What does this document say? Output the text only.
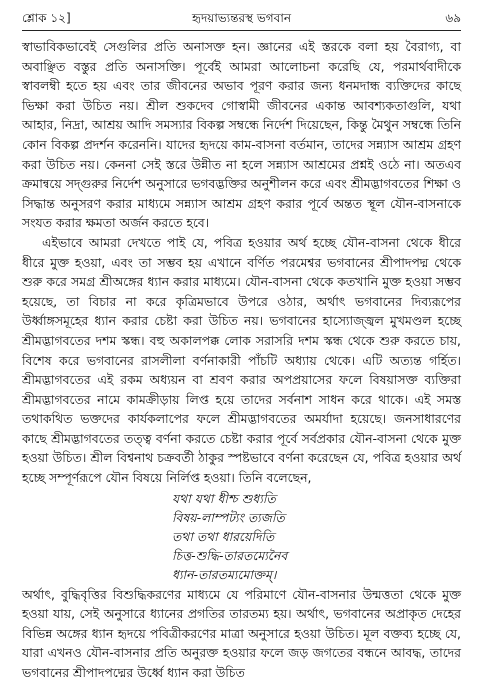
শ্লোক ১২]	হৃদয়াভ্যন্তরস্থ ভগবান	৬৯

স্বাভাবিকভাবেই সেগুলির প্রতি অনাসক্ত হন। জ্ঞানের এই স্তরকে বলা হয় বৈরাগ্য, বা অবাঞ্ছিত বস্তুর প্রতি অনাসক্তি। পূর্বেই আমরা আলোচনা করেছি যে, পরমার্থবাদীকে স্বাবলম্বী হতে হয় এবং তার জীবনের অভাব পূরণ করার জন্য ধনমদান্ধ ব্যক্তিদের কাছে ভিক্ষা করা উচিত নয়। শ্রীল শুকদেব গোস্বামী জীবনের একান্ত আবশ্যকতাগুলি, যথা আহার, নিদ্রা, আশ্রয় আদি সমস্যার বিকল্প সম্বন্ধে নির্দেশ দিয়েছেন, কিন্তু মৈথুন সম্বন্ধে তিনি কোন বিকল্প প্রদর্শন করেননি। যাদের হৃদয়ে কাম-বাসনা বর্তমান, তাদের সন্ন্যাস আশ্রম গ্রহণ করা উচিত নয়। কেননা সেই স্তরে উন্নীত না হলে সন্ন্যাস আশ্রমের প্রশ্নই ওঠে না। অতএব ক্রমান্বয়ে সদ্গুরুর নির্দেশ অনুসারে ভগবদ্ভক্তির অনুশীলন করে এবং শ্রীমদ্ভাগবতের শিক্ষা ও সিদ্ধান্ত অনুসরণ করার মাধ্যমে সন্ন্যাস আশ্রম গ্রহণ করার পূর্বে অন্তত স্থূল যৌন-বাসনাকে সংযত করার ক্ষমতা অর্জন করতে হবে।

এইভাবে আমরা দেখতে পাই যে, পবিত্র হওয়ার অর্থ হচ্ছে যৌন-বাসনা থেকে ধীরে ধীরে মুক্ত হওয়া, এবং তা সম্ভব হয় এখানে বর্ণিত পরমেশ্বর ভগবানের শ্রীপাদপদ্ম থেকে শুরু করে সমগ্র শ্রীঅঙ্গের ধ্যান করার মাধ্যমে। যৌন-বাসনা থেকে কতখানি মুক্ত হওয়া সম্ভব হয়েছে, তা বিচার না করে কৃত্রিমভাবে উপরে ওঠার, অর্থাৎ ভগবানের দিব্যরূপের উর্ধ্বাঙ্গসমূহের ধ্যান করার চেষ্টা করা উচিত নয়। ভগবানের হাস্যোজ্জ্বল মুখমণ্ডল হচ্ছে শ্রীমদ্ভাগবতের দশম স্কন্ধ। বহু অকালপক্ক লোক সরাসরি দশম স্কন্ধ থেকে শুরু করতে চায়, বিশেষ করে ভগবানের রাসলীলা বর্ণনাকারী পাঁচটি অধ্যায় থেকে। এটি অত্যন্ত গর্হিত। শ্রীমদ্ভাগবতের এই রকম অধ্যয়ন বা শ্রবণ করার অপপ্রয়াসের ফলে বিষয়াসক্ত ব্যক্তিরা শ্রীমদ্ভাগবতের নামে কামক্রীড়ায় লিপ্ত হয়ে তাদের সর্বনাশ সাধন করে থাকে। এই সমস্ত তথাকথিত ভক্তদের কার্যকলাপের ফলে শ্রীমদ্ভাগবতের অমর্যাদা হয়েছে। জনসাধারণের কাছে শ্রীমদ্ভাগবতের তত্ত্ব বর্ণনা করতে চেষ্টা করার পূর্বে সর্বপ্রকার যৌন-বাসনা থেকে মুক্ত হওয়া উচিত। শ্রীল বিশ্বনাথ চক্রবর্তী ঠাকুর স্পষ্টভাবে বর্ণনা করেছেন যে, পবিত্র হওয়ার অর্থ হচ্ছে সম্পূর্ণরূপে যৌন বিষয়ে নির্লিপ্ত হওয়া। তিনি বলেছেন,

যথা যথা ধীশ্চ শুধ্যতি
বিষয়-লাম্পট্যং ত্যজতি
তথা তথা ধারয়েদিতি
চিত্ত-শুদ্ধি-তারতম্যেনৈব
ধ্যান-তারতম্যমোক্তম্।

অর্থাৎ, বুদ্ধিবৃত্তির বিশুদ্ধিকরণের মাধ্যমে যে পরিমাণে যৌন-বাসনার উন্মত্ততা থেকে মুক্ত হওয়া যায়, সেই অনুসারে ধ্যানের প্রগতির তারতম্য হয়। অর্থাৎ, ভগবানের অপ্রাকৃত দেহের বিভিন্ন অঙ্গের ধ্যান হৃদয়ে পবিত্রীকরণের মাত্রা অনুসারে হওয়া উচিত। মূল বক্তব্য হচ্ছে যে, যারা এখনও যৌন-বাসনার প্রতি অনুরক্ত হওয়ার ফলে জড় জগতের বন্ধনে আবদ্ধ, তাদের ভগবানের শ্রীপাদপদ্মের উর্ধ্বে ধ্যান করা উচিত
